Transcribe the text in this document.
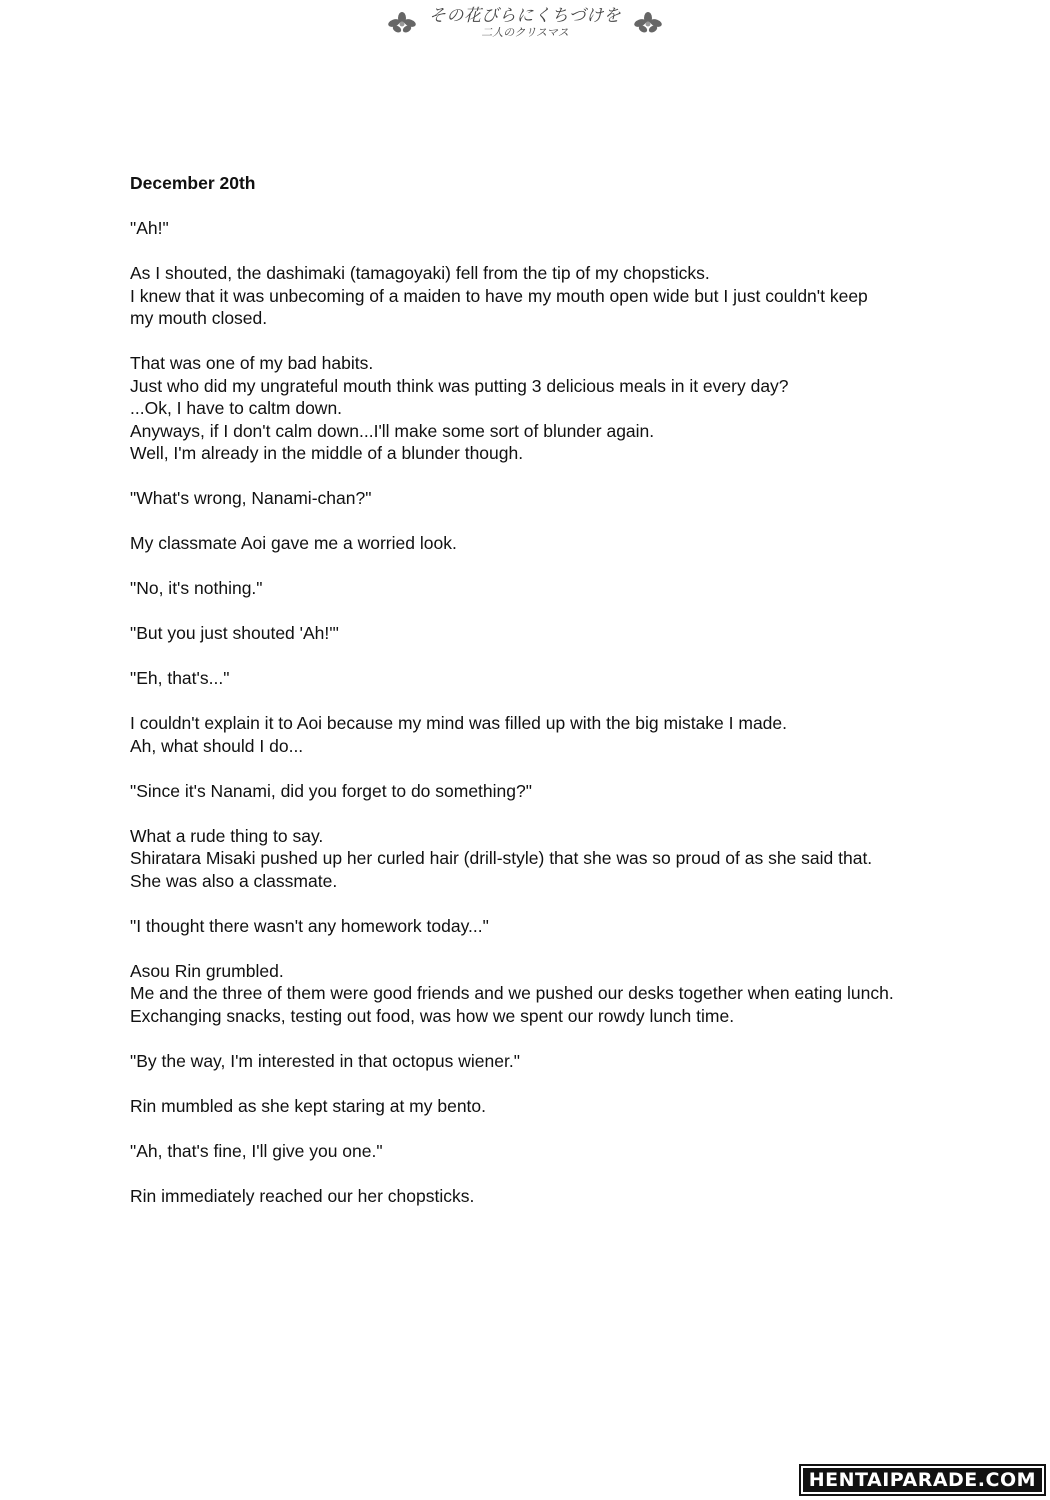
その花びらにくちづけを
二人のクリスマス
December 20th
"Ah!"
As I shouted, the dashimaki (tamagoyaki) fell from the tip of my chopsticks.
I knew that it was unbecoming of a maiden to have my mouth open wide but I just couldn't keep
my mouth closed.
That was one of my bad habits.
Just who did my ungrateful mouth think was putting 3 delicious meals in it every day?
...Ok, I have to caltm down.
Anyways, if I don't calm down...I'll make some sort of blunder again.
Well, I'm already in the middle of a blunder though.
"What's wrong, Nanami-chan?"
My classmate Aoi gave me a worried look.
"No, it's nothing."
"But you just shouted 'Ah!'"
"Eh, that's..."
I couldn't explain it to Aoi because my mind was filled up with the big mistake I made.
Ah, what should I do...
"Since it's Nanami, did you forget to do something?"
What a rude thing to say.
Shiratara Misaki pushed up her curled hair (drill-style) that she was so proud of as she said that.
She was also a classmate.
"I thought there wasn't any homework today..."
Asou Rin grumbled.
Me and the three of them were good friends and we pushed our desks together when eating lunch.
Exchanging snacks, testing out food, was how we spent our rowdy lunch time.
"By the way, I'm interested in that octopus wiener."
Rin mumbled as she kept staring at my bento.
"Ah, that's fine, I'll give you one."
Rin immediately reached our her chopsticks.
HENTAIPARADE.COM
